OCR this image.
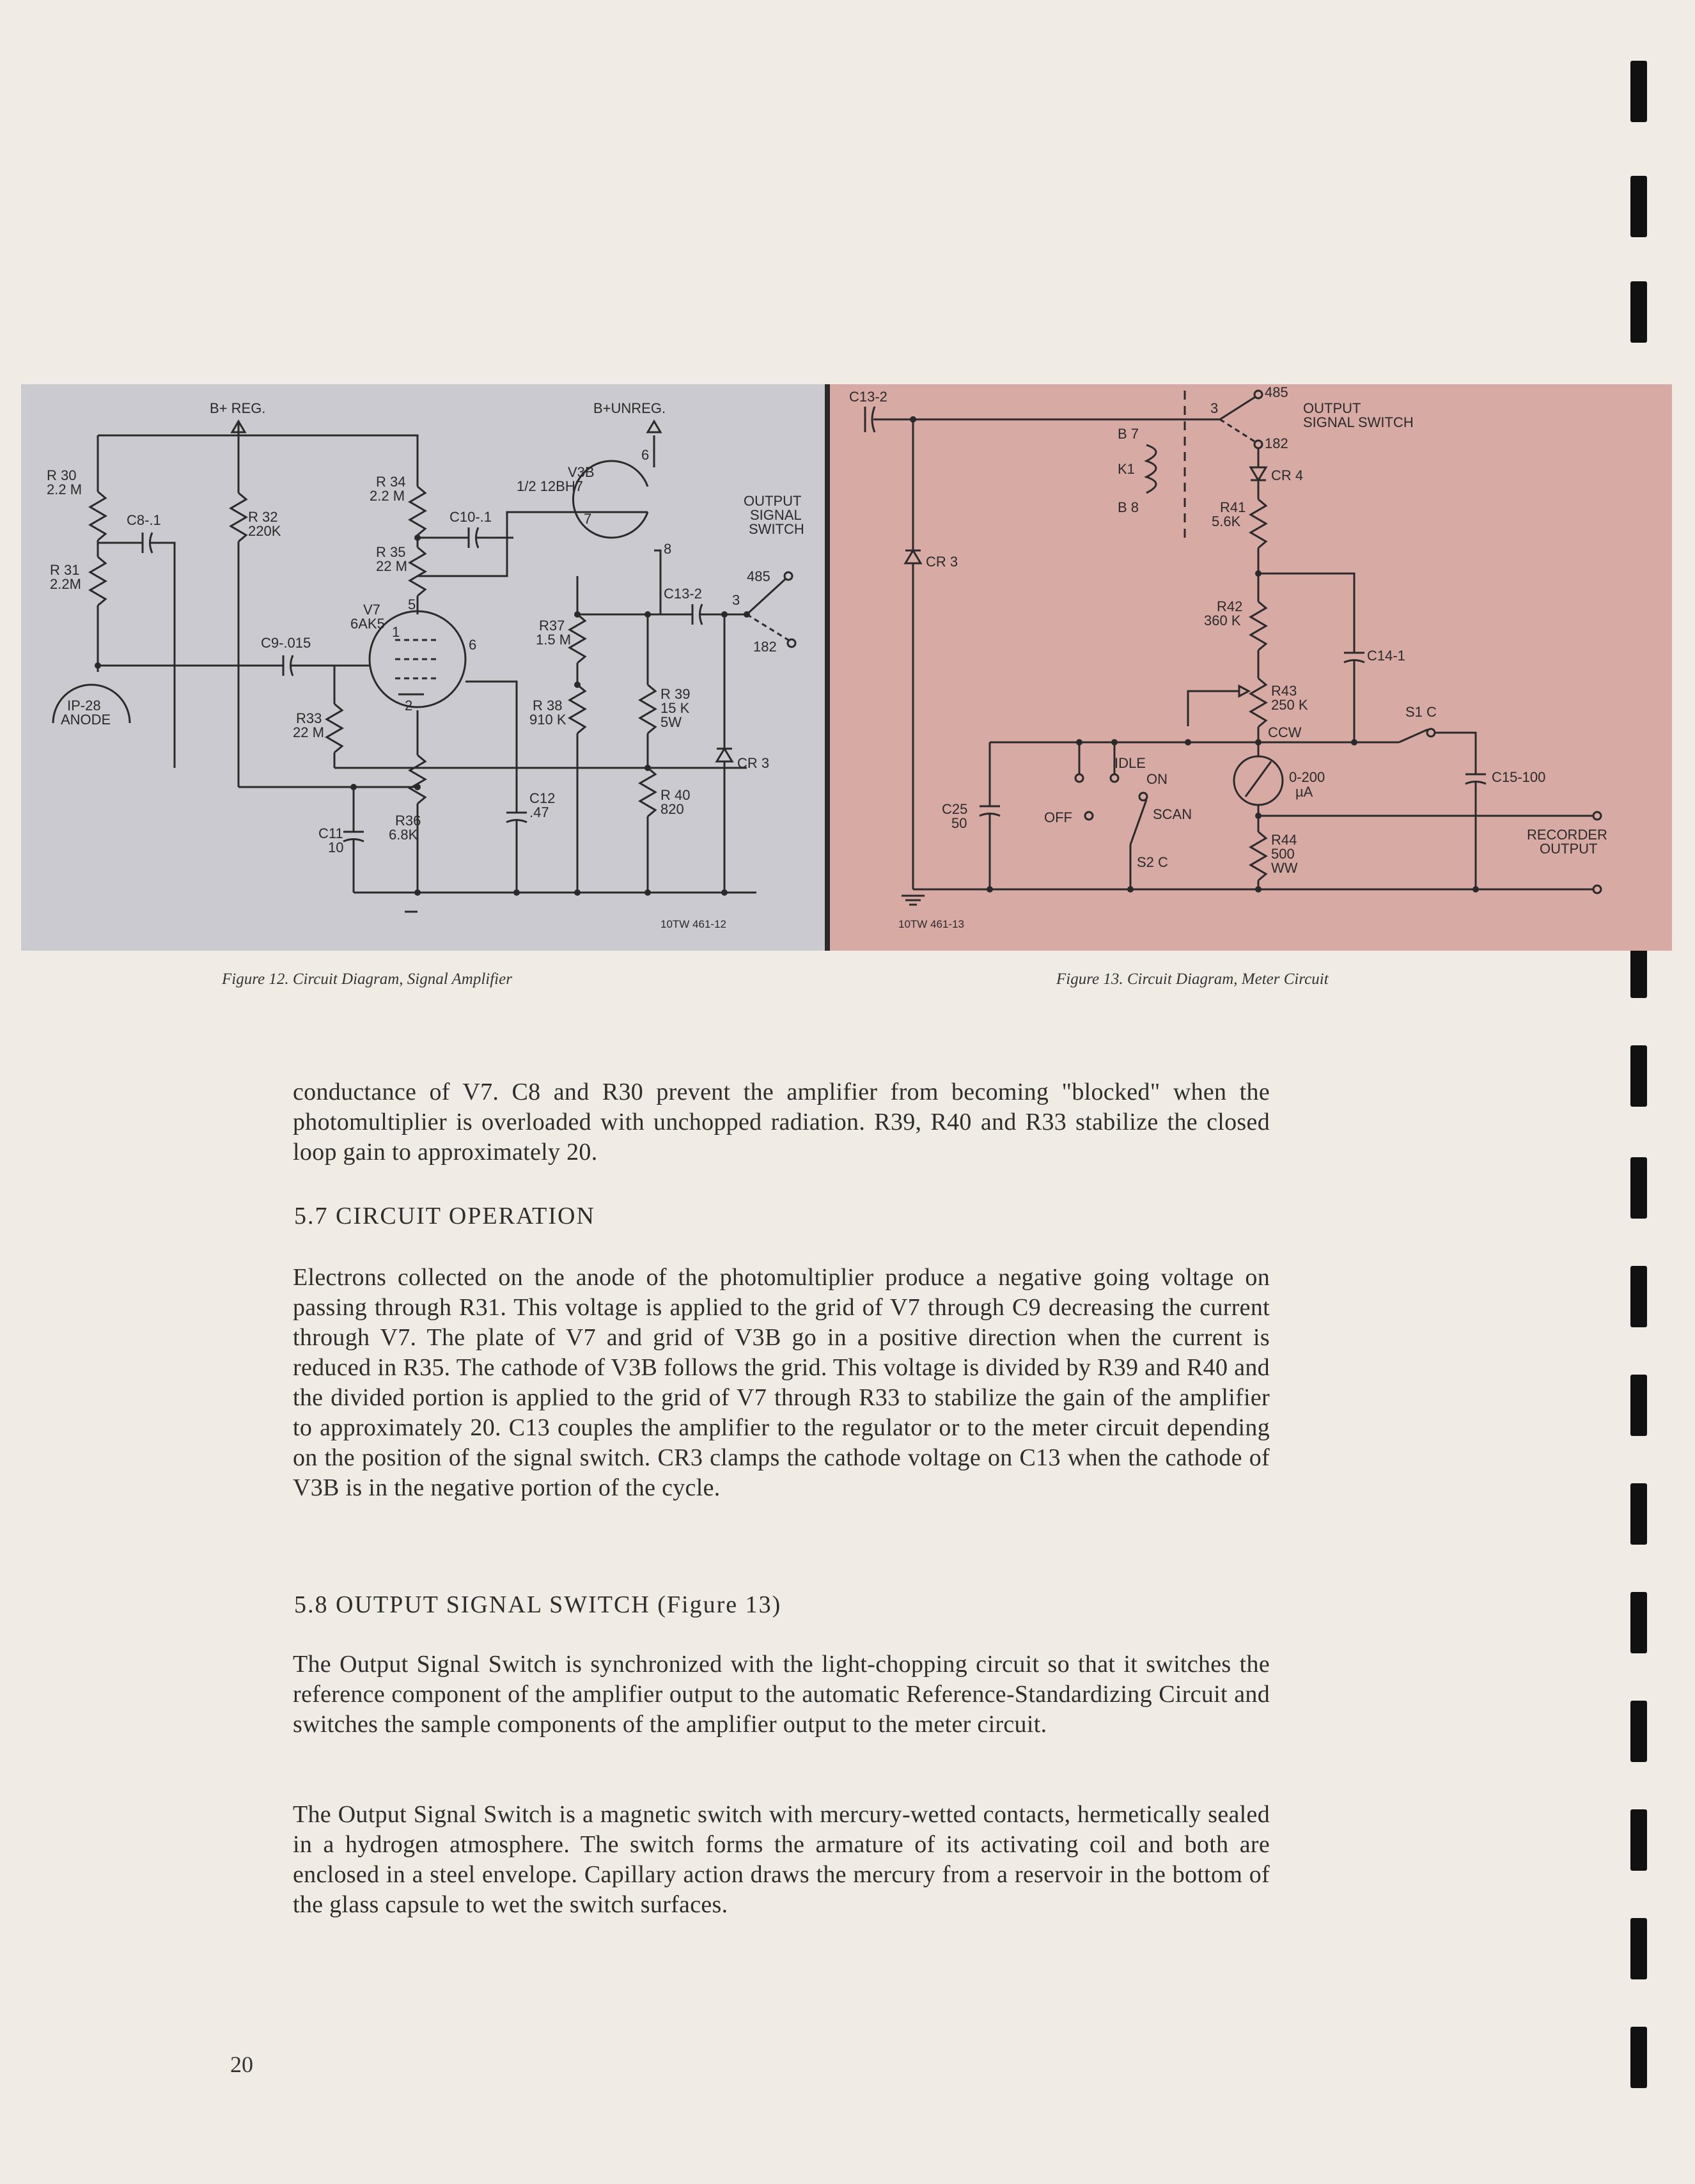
B+ REG.	B+UNREG.
R 30
2.2 M
R 31
2.2M
C8-.1	R 32
220K
R 34
2.2 M
R 35
22 M
C10-.1
V3B
1/2 12BH7
OUTPUT
SIGNAL
SWITCH
V7
6AK5
C9-.015
R37
1.5 M
C13-2
485
182
IP-28
ANODE	R33
22 M
R 38
910 K
R 39
15 K
5W
CR 3
C12
.47
R 40
820
R36
6.8K
C11
10
1
2
5
6
6
7
8
3
10TW 461-12
C13-2	485
OUTPUT
SIGNAL SWITCH
182
3
B 7
K1
B 8
CR 4
R41
5.6K
CR 3
R42
360 K
C14-1
R43
250 K
CCW
S1 C
IDLE
ON
OFF	SCAN
0-200
µA
C15-100
C25
50
RECORDER
OUTPUT
R44
500
WW
S2 C
10TW 461-13
Figure 12. Circuit Diagram, Signal Amplifier	Figure 13. Circuit Diagram, Meter Circuit
conductance of V7. C8 and R30 prevent the amplifier from becoming "blocked" when the photomultiplier is overloaded with unchopped radiation. R39, R40 and R33 stabilize the closed loop gain to approximately 20.
5.7 CIRCUIT OPERATION
Electrons collected on the anode of the photomultiplier produce a negative going voltage on passing through R31. This voltage is applied to the grid of V7 through C9 decreasing the current through V7. The plate of V7 and grid of V3B go in a positive direction when the current is reduced in R35. The cathode of V3B follows the grid. This voltage is divided by R39 and R40 and the divided portion is applied to the grid of V7 through R33 to stabilize the gain of the amplifier to approximately 20. C13 couples the amplifier to the regulator or to the meter circuit depending on the position of the signal switch. CR3 clamps the cathode voltage on C13 when the cathode of V3B is in the negative portion of the cycle.
5.8 OUTPUT SIGNAL SWITCH (Figure 13)
The Output Signal Switch is synchronized with the light-chopping circuit so that it switches the reference component of the amplifier output to the automatic Reference-Standardizing Circuit and switches the sample components of the amplifier output to the meter circuit.
The Output Signal Switch is a magnetic switch with mercury-wetted contacts, hermetically sealed in a hydrogen atmosphere. The switch forms the armature of its activating coil and both are enclosed in a steel envelope. Capillary action draws the mercury from a reservoir in the bottom of the glass capsule to wet the switch surfaces.
20
